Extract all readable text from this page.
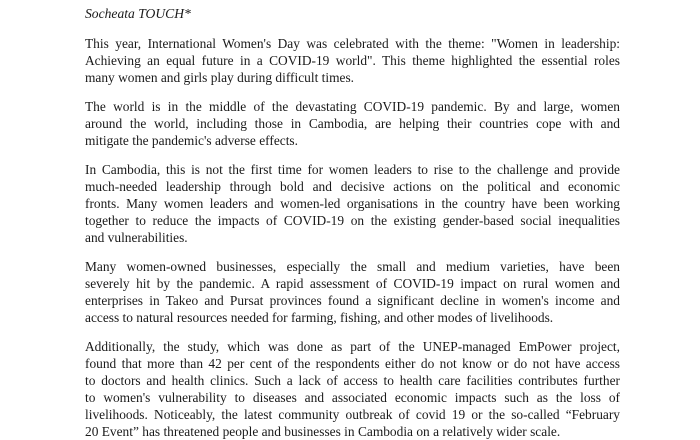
Socheata TOUCH*
This year, International Women's Day was celebrated with the theme: "Women in leadership:
Achieving an equal future in a COVID-19 world". This theme highlighted the essential roles
many women and girls play during difficult times.
The world is in the middle of the devastating COVID-19 pandemic. By and large, women
around the world, including those in Cambodia, are helping their countries cope with and
mitigate the pandemic's adverse effects.
In Cambodia, this is not the first time for women leaders to rise to the challenge and provide
much-needed leadership through bold and decisive actions on the political and economic
fronts. Many women leaders and women-led organisations in the country have been working
together to reduce the impacts of COVID-19 on the existing gender-based social inequalities
and vulnerabilities.
Many women-owned businesses, especially the small and medium varieties, have been
severely hit by the pandemic. A rapid assessment of COVID-19 impact on rural women and
enterprises in Takeo and Pursat provinces found a significant decline in women's income and
access to natural resources needed for farming, fishing, and other modes of livelihoods.
Additionally, the study, which was done as part of the UNEP-managed EmPower project,
found that more than 42 per cent of the respondents either do not know or do not have access
to doctors and health clinics. Such a lack of access to health care facilities contributes further
to women's vulnerability to diseases and associated economic impacts such as the loss of
livelihoods. Noticeably, the latest community outbreak of covid 19 or the so-called “February
20 Event” has threatened people and businesses in Cambodia on a relatively wider scale.
